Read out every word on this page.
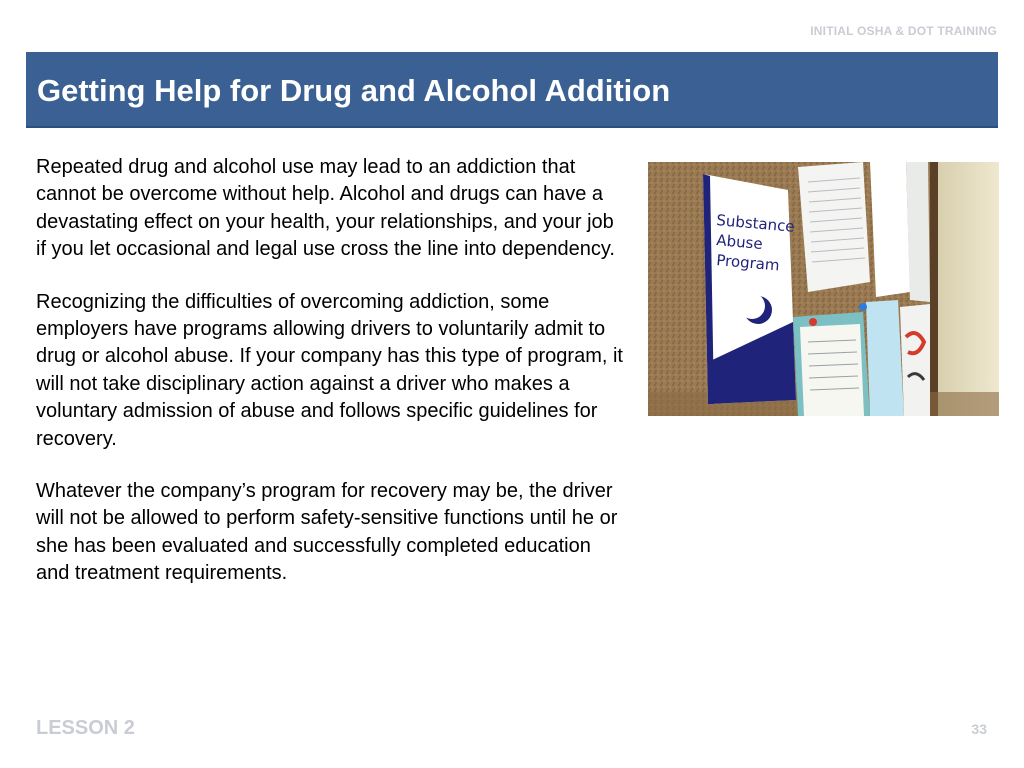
INITIAL OSHA & DOT TRAINING
Getting Help for Drug and Alcohol Addition

Repeated drug and alcohol use may lead to an addiction that cannot be overcome without help. Alcohol and drugs can have a devastating effect on your health, your relationships, and your job if you let occasional and legal use cross the line into dependency.

Recognizing the difficulties of overcoming addiction, some employers have programs allowing drivers to voluntarily admit to drug or alcohol abuse. If your company has this type of program, it will not take disciplinary action against a driver who makes a voluntary admission of abuse and follows specific guidelines for recovery.

Whatever the company’s program for recovery may be, the driver will not be allowed to perform safety-sensitive functions until he or she has been evaluated and successfully completed education and treatment requirements.

Substance
Abuse
Program
LESSON 2	33
